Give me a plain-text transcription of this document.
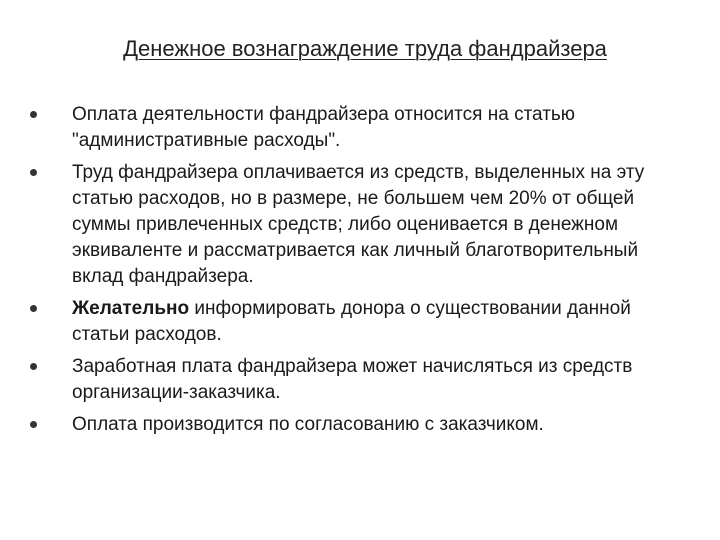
Денежное вознаграждение труда фандрайзера
Оплата деятельности фандрайзера относится на статью "административные расходы".
Труд фандрайзера оплачивается из средств, выделенных на эту статью расходов, но в размере, не большем чем 20% от общей суммы привлеченных средств; либо оценивается в денежном эквиваленте и рассматривается как личный благотворительный вклад фандрайзера.
Желательно информировать донора о существовании данной статьи расходов.
Заработная плата фандрайзера может начисляться из средств организации-заказчика.
Оплата производится по согласованию с заказчиком.
